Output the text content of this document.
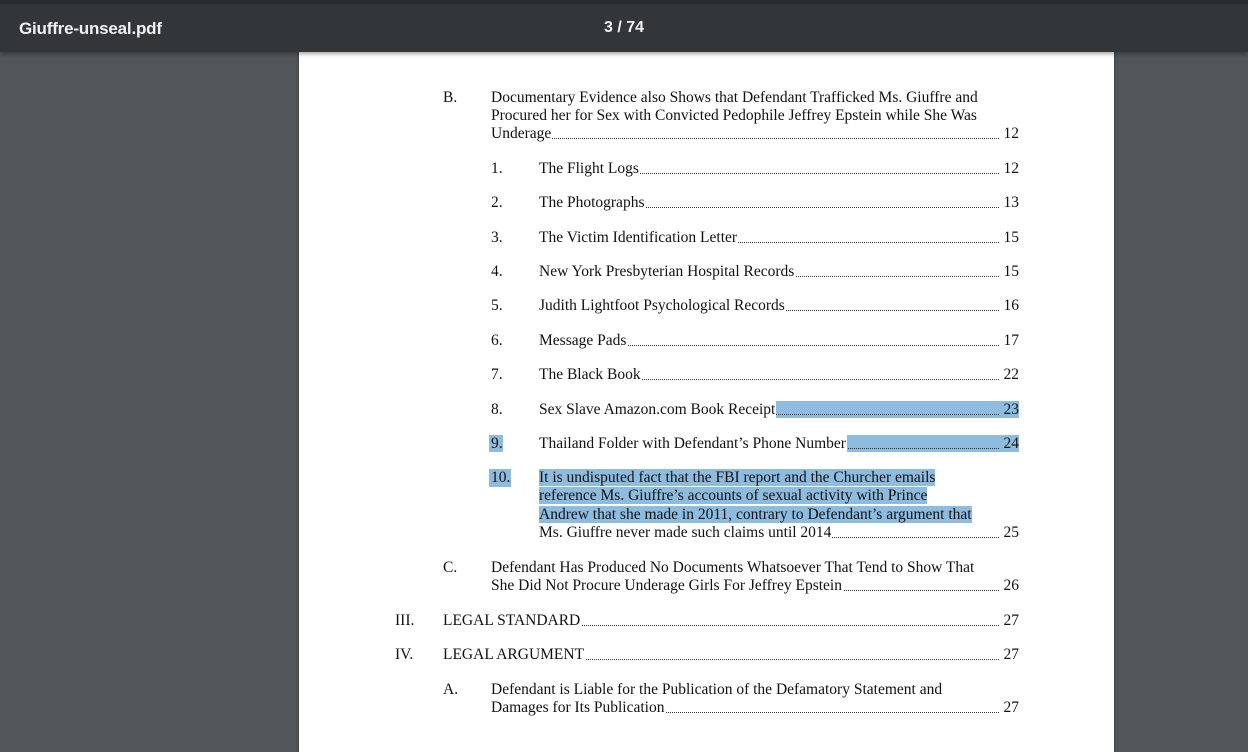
Giuffre-unseal.pdf	3 / 74
B. Documentary Evidence also Shows that Defendant Trafficked Ms. Giuffre and
Procured her for Sex with Convicted Pedophile Jeffrey Epstein while She Was
Underage	12
1. The Flight Logs	12
2. The Photographs	13
3. The Victim Identification Letter	15
4. New York Presbyterian Hospital Records	15
5. Judith Lightfoot Psychological Records	16
6. Message Pads	17
7. The Black Book	22
8. Sex Slave Amazon.com Book Receipt	23
9. Thailand Folder with Defendant’s Phone Number	24
10. It is undisputed fact that the FBI report and the Churcher emails
reference Ms. Giuffre’s accounts of sexual activity with Prince
Andrew that she made in 2011, contrary to Defendant’s argument that
Ms. Giuffre never made such claims until 2014	25
C. Defendant Has Produced No Documents Whatsoever That Tend to Show That
She Did Not Procure Underage Girls For Jeffrey Epstein	26
III. LEGAL STANDARD	27
IV. LEGAL ARGUMENT	27
A. Defendant is Liable for the Publication of the Defamatory Statement and
Damages for Its Publication	27
